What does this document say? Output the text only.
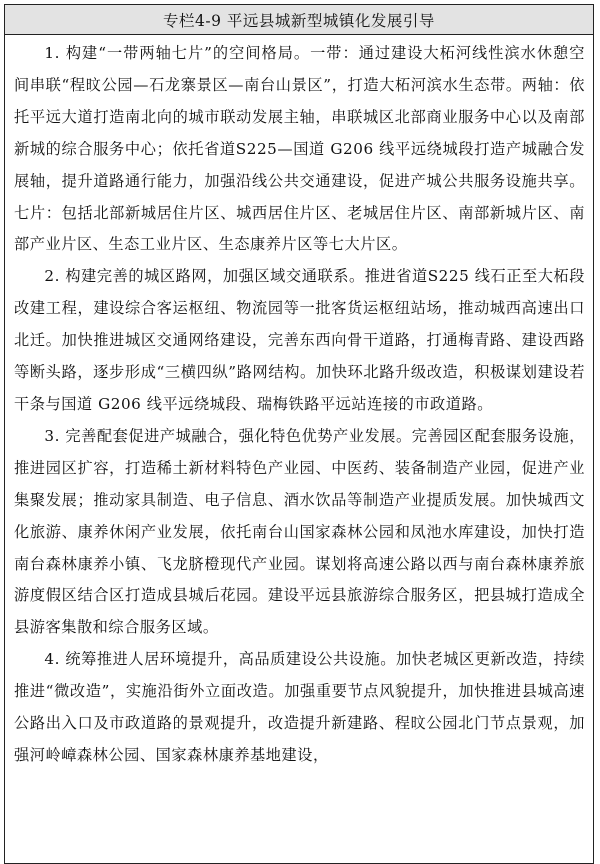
专栏4-9 平远县城新型城镇化发展引导

1. 构建“一带两轴七片”的空间格局。一带：通过建设大柘河线性滨水休憩空间串联“程旼公园—石龙寨景区—南台山景区”，打造大柘河滨水生态带。两轴：依托平远大道打造南北向的城市联动发展主轴，串联城区北部商业服务中心以及南部新城的综合服务中心；依托省道S225—国道 G206 线平远绕城段打造产城融合发展轴，提升道路通行能力，加强沿线公共交通建设，促进产城公共服务设施共享。七片：包括北部新城居住片区、城西居住片区、老城居住片区、南部新城片区、南部产业片区、生态工业片区、生态康养片区等七大片区。

2. 构建完善的城区路网，加强区域交通联系。推进省道S225 线石正至大柘段改建工程，建设综合客运枢纽、物流园等一批客货运枢纽站场，推动城西高速出口北迁。加快推进城区交通网络建设，完善东西向骨干道路，打通梅青路、建设西路等断头路，逐步形成“三横四纵”路网结构。加快环北路升级改造，积极谋划建设若干条与国道 G206 线平远绕城段、瑞梅铁路平远站连接的市政道路。

3. 完善配套促进产城融合，强化特色优势产业发展。完善园区配套服务设施，推进园区扩容，打造稀土新材料特色产业园、中医药、装备制造产业园，促进产业集聚发展；推动家具制造、电子信息、酒水饮品等制造产业提质发展。加快城西文化旅游、康养休闲产业发展，依托南台山国家森林公园和凤池水库建设，加快打造南台森林康养小镇、飞龙脐橙现代产业园。谋划将高速公路以西与南台森林康养旅游度假区结合区打造成县城后花园。建设平远县旅游综合服务区，把县城打造成全县游客集散和综合服务区域。

4. 统筹推进人居环境提升，高品质建设公共设施。加快老城区更新改造，持续推进“微改造”，实施沿街外立面改造。加强重要节点风貌提升，加快推进县城高速公路出入口及市政道路的景观提升，改造提升新建路、程旼公园北门节点景观，加强河岭嶂森林公园、国家森林康养基地建设，
